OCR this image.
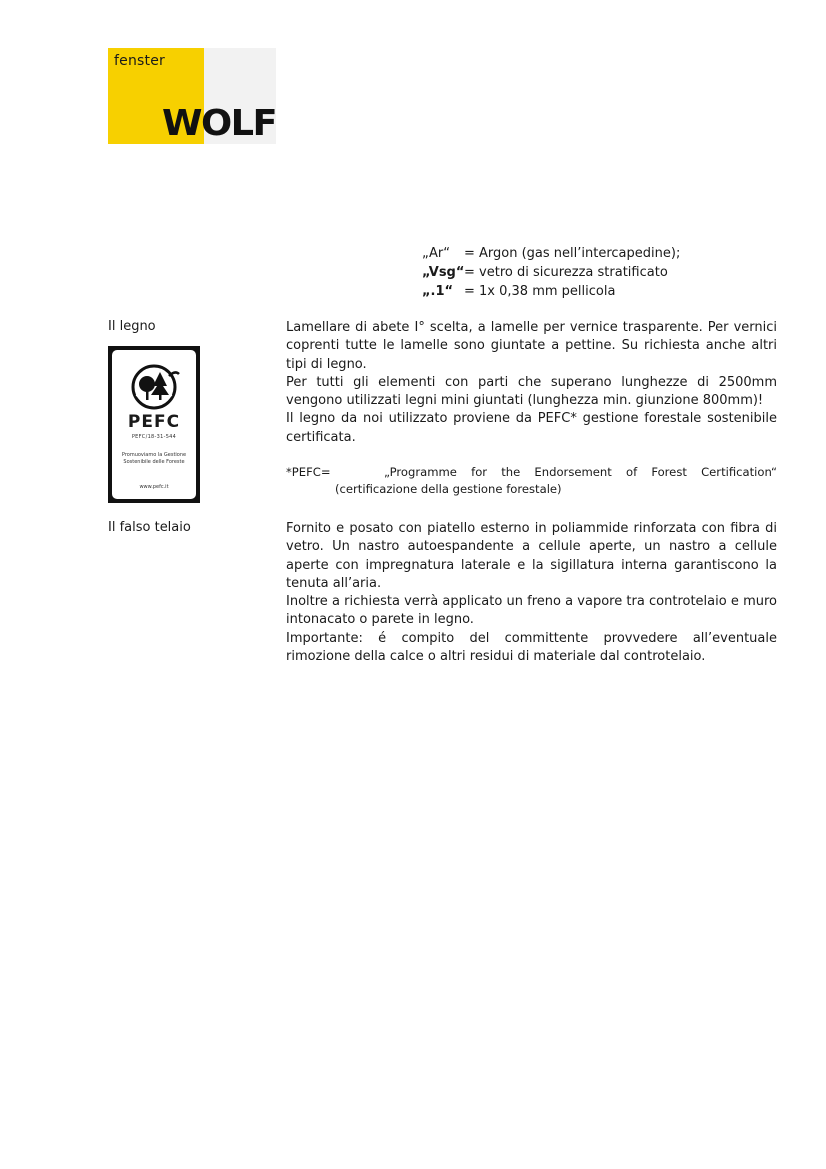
fenster
WOLF
„Ar“	= Argon (gas nell’intercapedine);
„Vsg“ = vetro di sicurezza stratificato
„.1“ = 1x 0,38 mm pellicola
Il legno	Lamellare di abete I° scelta, a lamelle per vernice trasparente. Per vernici coprenti tutte le lamelle sono giuntate a pettine. Su richiesta anche altri tipi di legno.

Per tutti gli elementi con parti che superano lunghezze di 2500mm vengono utilizzati legni mini giuntati (lunghezza min. giunzione 800mm)!

Il legno da noi utilizzato proviene da PEFC* gestione forestale sostenibile certificata.

*PEFC=	„Programme for the Endorsement of Forest Certification“
(certificazione della gestione forestale)
PEFC
PEFC/18-31-544
Promuoviamo la Gestione Sostenibile delle Foreste
www.pefc.it
Il falso telaio	Fornito e posato con piatello esterno in poliammide rinforzata con fibra di vetro. Un nastro autoespandente a cellule aperte, un nastro a cellule aperte con impregnatura laterale e la sigillatura interna garantiscono la tenuta all’aria.

Inoltre a richiesta verrà applicato un freno a vapore tra controtelaio e muro intonacato o parete in legno.

Importante: é compito del committente provvedere all’eventuale rimozione della calce o altri residui di materiale dal controtelaio.
